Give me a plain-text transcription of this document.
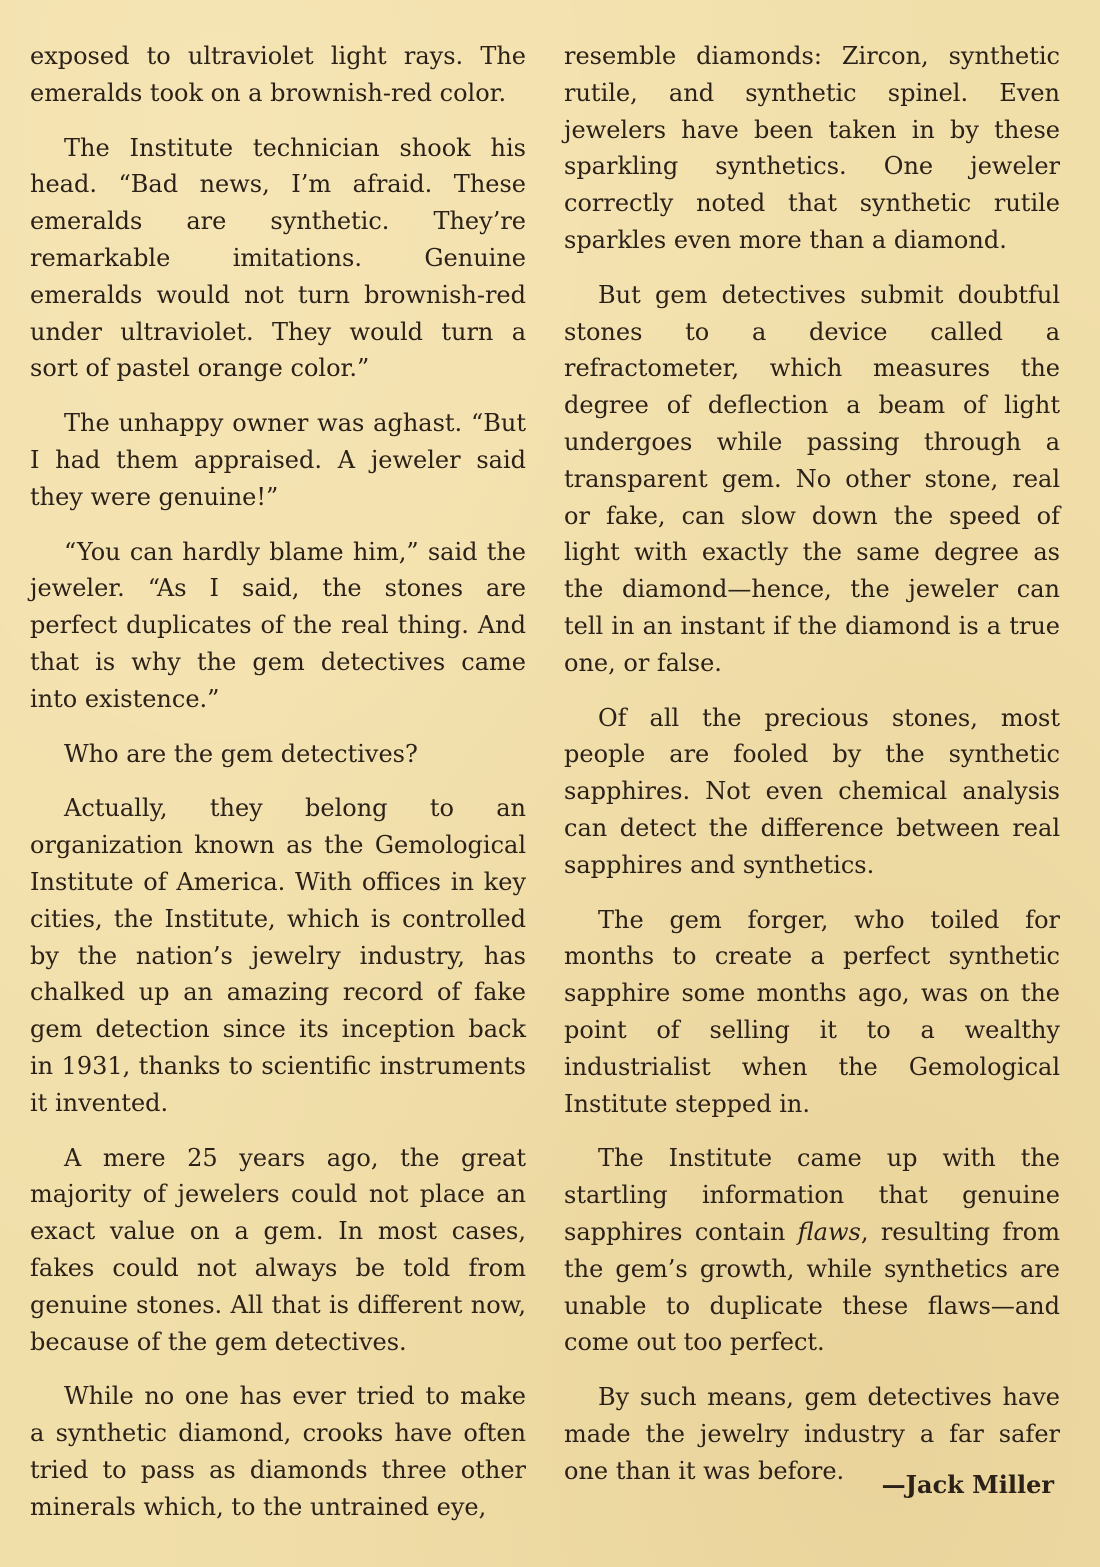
exposed to ultraviolet light rays. The emeralds took on a brownish-red color.

The Institute technician shook his head. “Bad news, I’m afraid. These emeralds are synthetic. They’re remarkable imitations. Genuine emeralds would not turn brownish-red under ultraviolet. They would turn a sort of pastel orange color.”

The unhappy owner was aghast. “But I had them appraised. A jeweler said they were genuine!”

“You can hardly blame him,” said the jeweler. “As I said, the stones are perfect duplicates of the real thing. And that is why the gem detectives came into existence.”

Who are the gem detectives?

Actually, they belong to an organization known as the Gemological Institute of America. With offices in key cities, the Institute, which is controlled by the nation’s jewelry industry, has chalked up an amazing record of fake gem detection since its inception back in 1931, thanks to scientific instruments it invented.

A mere 25 years ago, the great majority of jewelers could not place an exact value on a gem. In most cases, fakes could not always be told from genuine stones. All that is different now, because of the gem detectives.

While no one has ever tried to make a synthetic diamond, crooks have often tried to pass as diamonds three other minerals which, to the untrained eye,

resemble diamonds: Zircon, synthetic rutile, and synthetic spinel. Even jewelers have been taken in by these sparkling synthetics. One jeweler correctly noted that synthetic rutile sparkles even more than a diamond.

But gem detectives submit doubtful stones to a device called a refractometer, which measures the degree of deflection a beam of light undergoes while passing through a transparent gem. No other stone, real or fake, can slow down the speed of light with exactly the same degree as the diamond—hence, the jeweler can tell in an instant if the diamond is a true one, or false.

Of all the precious stones, most people are fooled by the synthetic sapphires. Not even chemical analysis can detect the difference between real sapphires and synthetics.

The gem forger, who toiled for months to create a perfect synthetic sapphire some months ago, was on the point of selling it to a wealthy industrialist when the Gemological Institute stepped in.

The Institute came up with the startling information that genuine sapphires contain flaws, resulting from the gem’s growth, while synthetics are unable to duplicate these flaws—and come out too perfect.

By such means, gem detectives have made the jewelry industry a far safer one than it was before.	—Jack Miller
